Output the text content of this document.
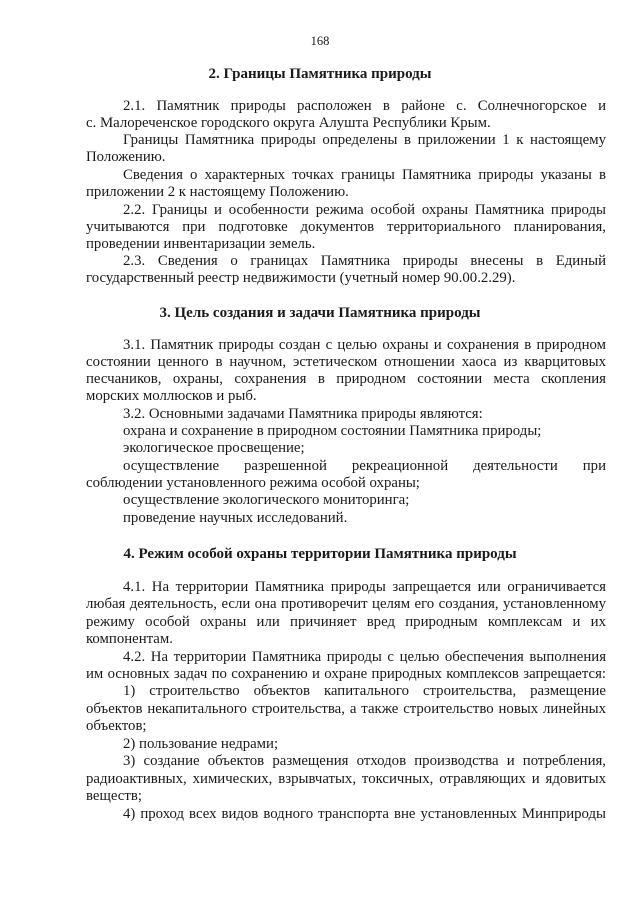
168
2. Границы Памятника природы
2.1. Памятник природы расположен в районе с. Солнечногорское и
с. Малореченское городского округа Алушта Республики Крым.
Границы Памятника природы определены в приложении 1 к настоящему
Положению.
Сведения о характерных точках границы Памятника природы указаны в
приложении 2 к настоящему Положению.
2.2. Границы и особенности режима особой охраны Памятника природы
учитываются при подготовке документов территориального планирования,
проведении инвентаризации земель.
2.3. Сведения о границах Памятника природы внесены в Единый
государственный реестр недвижимости (учетный номер 90.00.2.29).
3. Цель создания и задачи Памятника природы
3.1. Памятник природы создан с целью охраны и сохранения в природном
состоянии ценного в научном, эстетическом отношении хаоса из кварцитовых
песчаников, охраны, сохранения в природном состоянии места скопления
морских моллюсков и рыб.
3.2. Основными задачами Памятника природы являются:
охрана и сохранение в природном состоянии Памятника природы;
экологическое просвещение;
осуществление разрешенной рекреационной деятельности при
соблюдении установленного режима особой охраны;
осуществление экологического мониторинга;
проведение научных исследований.
4. Режим особой охраны территории Памятника природы
4.1. На территории Памятника природы запрещается или ограничивается
любая деятельность, если она противоречит целям его создания, установленному
режиму особой охраны или причиняет вред природным комплексам и их
компонентам.
4.2. На территории Памятника природы с целью обеспечения выполнения
им основных задач по сохранению и охране природных комплексов запрещается:
1) строительство объектов капитального строительства, размещение
объектов некапитального строительства, а также строительство новых линейных
объектов;
2) пользование недрами;
3) создание объектов размещения отходов производства и потребления,
радиоактивных, химических, взрывчатых, токсичных, отравляющих и ядовитых
веществ;
4) проход всех видов водного транспорта вне установленных Минприроды
